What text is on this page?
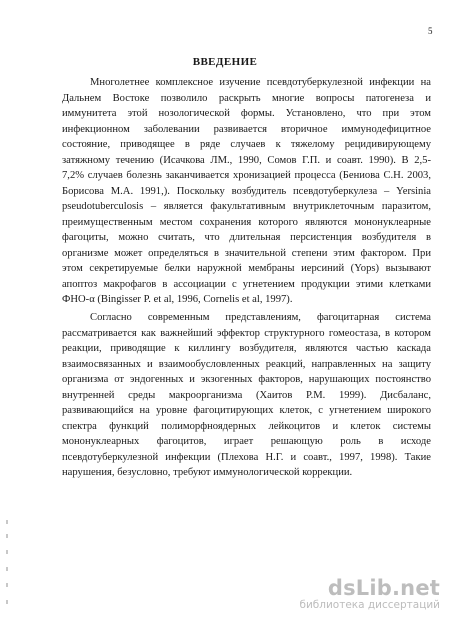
5
ВВЕДЕНИЕ
Многолетнее комплексное изучение псевдотуберкулезной инфекции на
Дальнем Востоке позволило раскрыть многие вопросы патогенеза и
иммунитета этой нозологической формы. Установлено, что при этом
инфекционном заболевании развивается вторичное иммунодефицитное
состояние, приводящее в ряде случаев к тяжелому рецидивирующему
затяжному течению (Исачкова ЛМ., 1990, Сомов Г.П. и соавт. 1990). В 2,5-
7,2% случаев болезнь заканчивается хронизацией процесса (Бениова С.Н. 2003,
Борисова М.А. 1991,). Поскольку возбудитель псевдотуберкулеза – Yersinia
pseudotuberculosis – является факультативным внутриклеточным паразитом,
преимущественным местом сохранения которого являются мононуклеарные
фагоциты, можно считать, что длительная персистенция возбудителя в
организме может определяться в значительной степени этим фактором. При
этом секретируемые белки наружной мембраны иерсиний (Yops) вызывают
апоптоз макрофагов в ассоциации с угнетением продукции этими клетками
ФНО-α (Bingisser P. et al, 1996, Cornelis et al, 1997).
Согласно современным представлениям, фагоцитарная система
рассматривается как важнейший эффектор структурного гомеостаза, в котором
реакции, приводящие к киллингу возбудителя, являются частью каскада
взаимосвязанных и взаимообусловленных реакций, направленных на защиту
организма от эндогенных и экзогенных факторов, нарушающих постоянство
внутренней среды макроорганизма (Хаитов Р.М. 1999). Дисбаланс,
развивающийся на уровне фагоцитирующих клеток, с угнетением широкого
спектра функций полиморфноядерных лейкоцитов и клеток системы
мононуклеарных фагоцитов, играет решающую роль в исходе
псевдотуберкулезной инфекции (Плехова Н.Г. и соавт., 1997, 1998). Такие
нарушения, безусловно, требуют иммунологической коррекции.
dsLib.net
библиотека диссертаций
